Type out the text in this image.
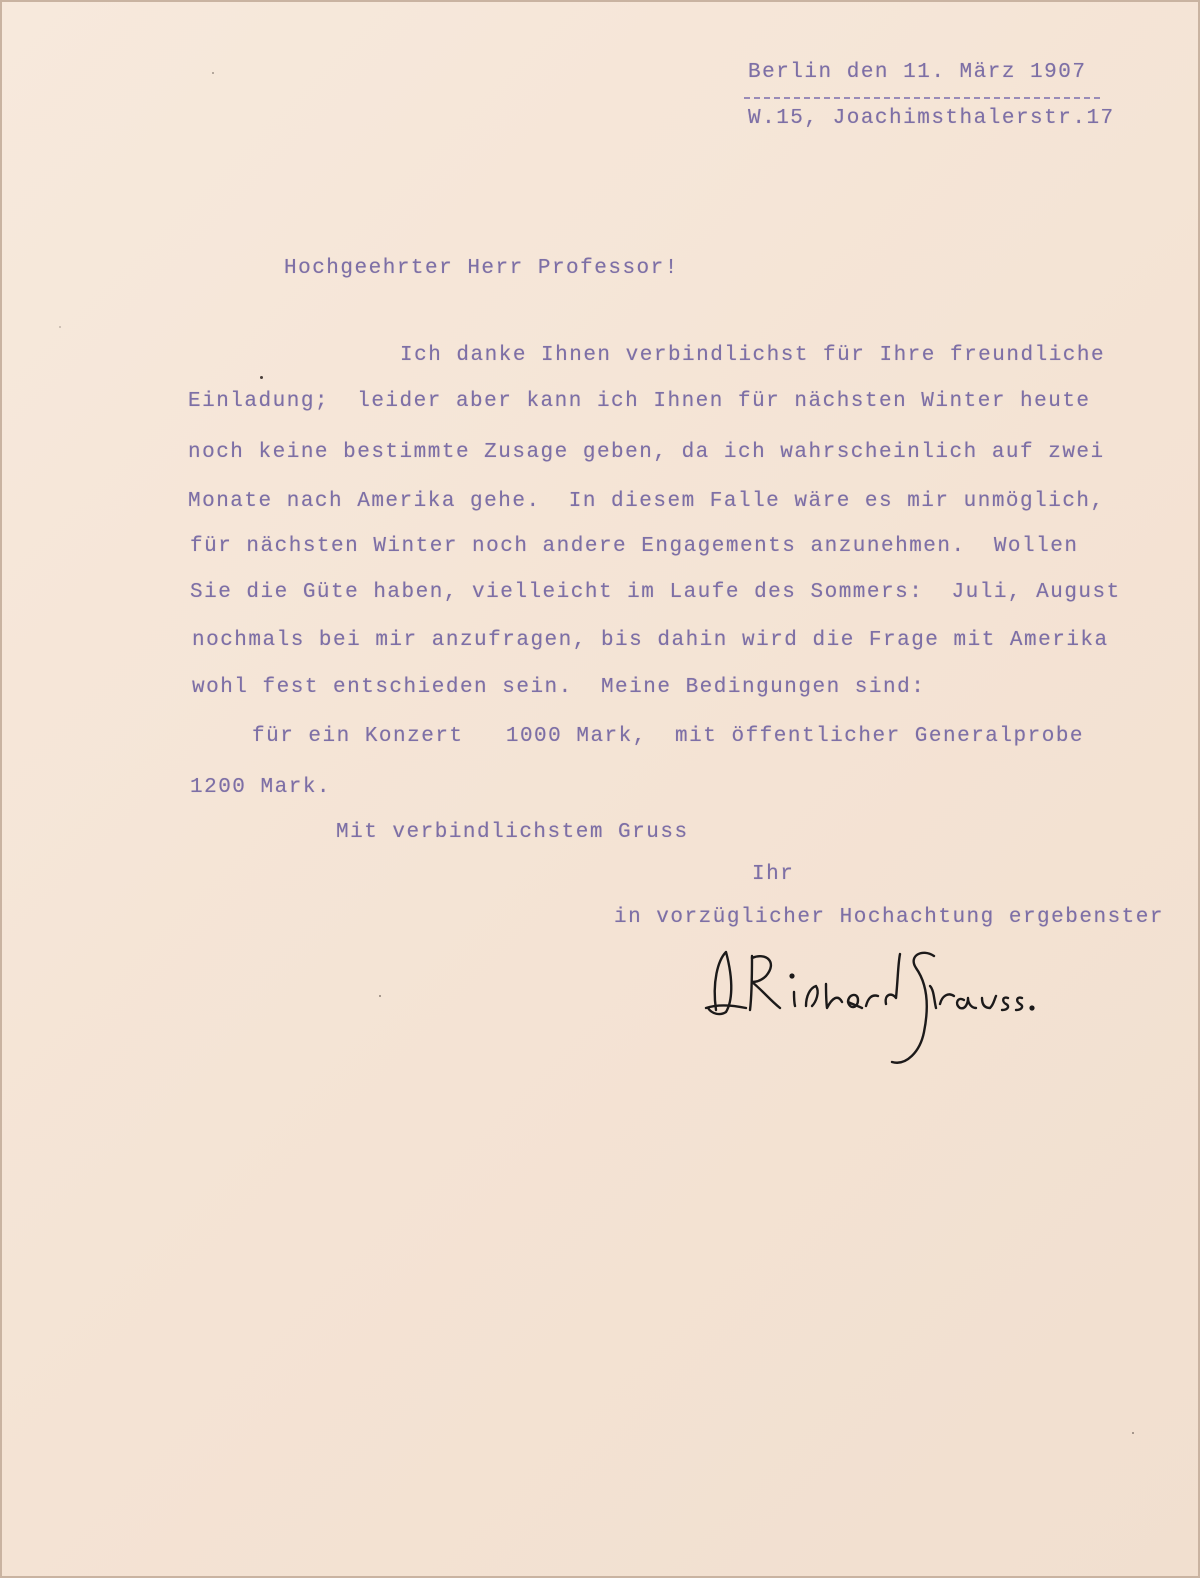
Berlin den 11. März 1907
W.15, Joachimsthalerstr.17
Hochgeehrter Herr Professor!
Ich danke Ihnen verbindlichst für Ihre freundliche
Einladung;  leider aber kann ich Ihnen für nächsten Winter heute
noch keine bestimmte Zusage geben, da ich wahrscheinlich auf zwei
Monate nach Amerika gehe.  In diesem Falle wäre es mir unmöglich,
für nächsten Winter noch andere Engagements anzunehmen.  Wollen
Sie die Güte haben, vielleicht im Laufe des Sommers:  Juli, August
nochmals bei mir anzufragen, bis dahin wird die Frage mit Amerika
wohl fest entschieden sein.  Meine Bedingungen sind:
für ein Konzert   1000 Mark,  mit öffentlicher Generalprobe
1200 Mark.
Mit verbindlichstem Gruss
Ihr
in vorzüglicher Hochachtung ergebenster
